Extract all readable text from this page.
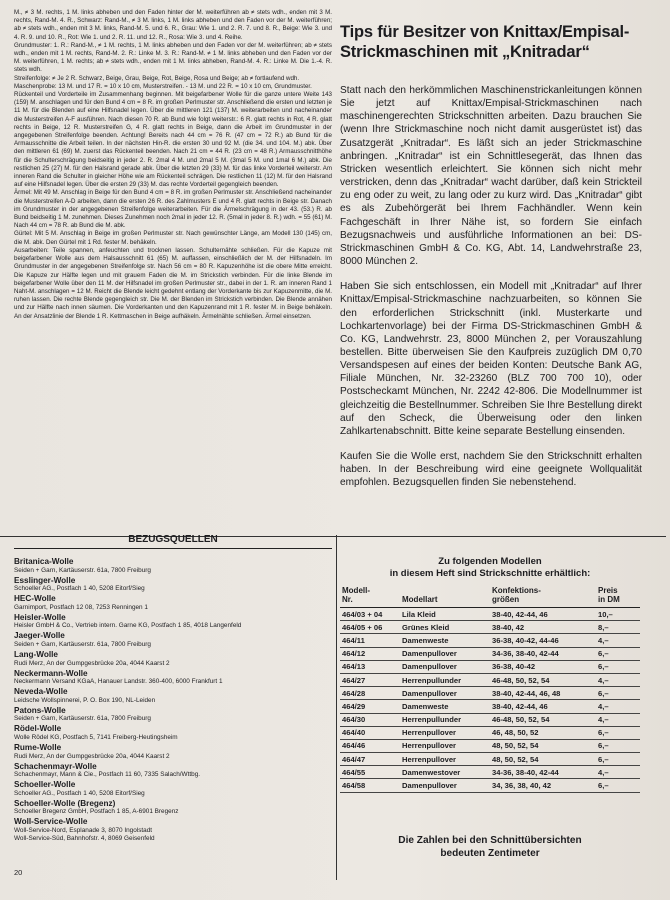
M., ≠ 3 M. rechts, 1 M. links abheben und den Faden hinter der M. weiterführen ab ≠ stets wdh., enden mit 3 M. rechts, Rand-M. 4. R., Schwarz: Rand-M., ≠ 3 M. links, 1 M. links abheben und den Faden vor der M. weiterführen; ab ≠ stets wdh., enden mit 3 M. links, Rand-M. 5. und 6. R., Grau: Wie 1. und 2. R. 7. und 8. R., Beige: Wie 3. und 4. R. 9. und 10. R., Rot: Wie 1. und 2. R. 11. und 12. R., Rosa: Wie 3. und 4. Reihe.

Grundmuster: 1. R.: Rand-M., ≠ 1 M. rechts, 1 M. links abheben und den Faden vor der M. weiterführen; ab ≠ stets wdh., enden mit 1 M. rechts, Rand-M. 2. R.: Linke M. 3. R.: Rand-M. ≠ 1 M. links abheben und den Faden vor der M. weiterführen, 1 M. rechts; ab ≠ stets wdh., enden mit 1 M. links abheben, Rand-M. 4. R.: Linke M. Die 1.-4. R. stets wdh.

Streifenfolge: ≠ Je 2 R. Schwarz, Beige, Grau, Beige, Rot, Beige, Rosa und Beige; ab ≠ fortlaufend wdh.

Maschenprobe: 13 M. und 17 R. = 10 x 10 cm, Musterstreifen. - 13 M. und 22 R. = 10 x 10 cm, Grundmuster.

Rückenteil und Vorderteile im Zusammenhang beginnen. Mit beigefarbener Wolle für die ganze untere Weite 143 (159) M. anschlagen und für den Bund 4 cm = 8 R. im großen Perlmuster str. Anschließend die ersten und letzten je 11 M. für die Blenden auf eine Hilfsnadel legen. Über die mittleren 121 (137) M. weiterarbeiten und nacheinander die Musterstreifen A-F ausführen. Nach diesen 70 R. ab Bund wie folgt weiterstr.: 6 R. glatt rechts in Rot, 4 R. glatt rechts in Beige, 12 R. Musterstreifen G, 4 R. glatt rechts in Beige, dann die Arbeit im Grundmuster in der angegebenen Streifenfolge beenden. Achtung! Bereits nach 44 cm = 76 R. (47 cm = 72 R.) ab Bund für die Armausschnitte die Arbeit teilen. In der nächsten Hin-R. die ersten 30 und 92 M. (die 34. und 104. M.) abk. Über den mittleren 61 (69) M. zuerst das Rückenteil beenden. Nach 21 cm = 44 R. (23 cm = 48 R.) Armausschnitthöhe für die Schulterschrägung beidseitig in jeder 2. R. 2mal 4 M. und 2mal 5 M. (3mal 5 M. und 1mal 6 M.) abk. Die restlichen 25 (27) M. für den Halsrand gerade abk. Über die letzten 29 (33) M. für das linke Vorderteil weiterstr. Am inneren Rand die Schulter in gleicher Höhe wie am Rückenteil schrägen. Die restlichen 11 (12) M. für den Halsrand auf eine Hilfsnadel legen. Über die ersten 29 (33) M. das rechte Vorderteil gegengleich beenden.

Ärmel: Mit 49 M. Anschlag in Beige für den Bund 4 cm = 8 R. im großen Perlmuster str. Anschließend nacheinander die Musterstreifen A-D arbeiten, dann die ersten 26 R. des Zahlmusters E und 4 R. glatt rechts in Beige str. Danach im Grundmuster in der angegebenen Streifenfolge weiterarbeiten. Für die Ärmelschrägung in der 43. (53.) R. ab Bund beidseitig 1 M. zunehmen. Dieses Zunehmen noch 2mal in jeder 12. R. (5mal in jeder 8. R.) wdh. = 55 (61) M. Nach 44 cm = 78 R. ab Bund die M. abk.

Gürtel: Mit 5 M. Anschlag in Beige im großen Perlmuster str. Nach gewünschter Länge, am Modell 130 (145) cm, die M. abk. Den Gürtel mit 1 Rd. fester M. behäkeln.

Ausarbeiten: Teile spannen, anfeuchten und trocknen lassen. Schulternähte schließen. Für die Kapuze mit beigefarbener Wolle aus dem Halsausschnitt 61 (65) M. auffassen, einschließlich der M. der Hilfsnadeln. Im Grundmuster in der angegebenen Streifenfolge str. Nach 56 cm = 80 R. Kapuzenhöhe ist die obere Mitte erreicht. Die Kapuze zur Hälfte legen und mit grauem Faden die M. im Strickstich verbinden. Für die linke Blende im beigefarbener Wolle über den 11 M. der Hilfsnadel im großen Perlmuster str., dabei in der 1. R. am inneren Rand 1 Naht-M. anschlagen = 12 M. Reicht die Blende leicht gedehnt entlang der Vorderkante bis zur Kapuzenmitte, die M. ruhen lassen. Die rechte Blende gegengleich str. Die M. der Blenden im Strickstich verbinden. Die Blende annähen und zur Hälfte nach innen säumen. Die Vorderkanten und den Kapuzenrand mit 1 R. fester M. in Beige behäkeln. An der Ansatzlinie der Blende 1 R. Kettmaschen in Beige aufhäkeln. Ärmelnähte schließen. Ärmel einsetzen.

Tips für Besitzer von Knittax/Empisal-Strickmaschinen mit „Knitradar“

Statt nach den herkömmlichen Maschinenstrickanleitungen können Sie jetzt auf Knittax/Empisal-Strickmaschinen nach maschinengerechten Strickschnitten arbeiten. Dazu brauchen Sie (wenn Ihre Strickmaschine noch nicht damit ausgerüstet ist) das Zusatzgerät „Knitradar“. Es läßt sich an jeder Strickmaschine anbringen. „Knitradar“ ist ein Schnittlesegerät, das Ihnen das Stricken wesentlich erleichtert. Sie können sich nicht mehr verstricken, denn das „Knitradar“ wacht darüber, daß kein Strickteil zu eng oder zu weit, zu lang oder zu kurz wird. Das „Knitradar“ gibt es als Zubehörgerät bei Ihrem Fachhändler. Wenn kein Fachgeschäft in Ihrer Nähe ist, so fordern Sie einfach Bezugsnachweis und ausführliche Informationen an bei: DS-Strickmaschinen GmbH & Co. KG, Abt. 14, Landwehrstraße 23, 8000 München 2.

Haben Sie sich entschlossen, ein Modell mit „Knitradar“ auf Ihrer Knittax/Empisal-Strickmaschine nachzuarbeiten, so können Sie den erforderlichen Strickschnitt (inkl. Musterkarte und Lochkartenvorlage) bei der Firma DS-Strickmaschinen GmbH & Co. KG, Landwehrstr. 23, 8000 München 2, per Vorauszahlung bestellen. Bitte überweisen Sie den Kaufpreis zuzüglich DM 0,70 Versandspesen auf eines der beiden Konten: Deutsche Bank AG, Filiale München, Nr. 32-23260 (BLZ 700 700 10), oder Postscheckamt München, Nr. 2242 42-806. Die Modellnummer ist gleichzeitig die Bestellnummer. Schreiben Sie Ihre Bestellung direkt auf den Scheck, die Überweisung oder den linken Zahlkartenabschnitt. Bitte keine separate Bestellung einsenden.

Kaufen Sie die Wolle erst, nachdem Sie den Strickschnitt erhalten haben. In der Beschreibung wird eine geeignete Wollqualität empfohlen. Bezugsquellen finden Sie nebenstehend.

BEZUGSQUELLEN
Britanica-Wolle
Seiden + Garn, Kartäuserstr. 61a, 7800 Freiburg
Esslinger-Wolle
Schoeller AG., Postfach 1 40, 5208 Eitorf/Sieg
HEC-Wolle
Garnimport, Postfach 12 08, 7253 Renningen 1
Heisler-Wolle
Heisler GmbH & Co., Vertrieb intern. Garne KG, Postfach 1 85, 4018 Langenfeld
Jaeger-Wolle
Seiden + Garn, Kartäuserstr. 61a, 7800 Freiburg
Lang-Wolle
Rudi Merz, An der Gumpgesbrücke 20a, 4044 Kaarst 2
Neckermann-Wolle
Neckermann Versand KGaA, Hanauer Landstr. 360-400, 6000 Frankfurt 1
Neveda-Wolle
Leidsche Wollspinnerei, P. O. Box 190, NL-Leiden
Patons-Wolle
Seiden + Garn, Kartäuserstr. 61a, 7800 Freiburg
Rödel-Wolle
Wolle Rödel KG, Postfach 5, 7141 Freiberg-Heutingsheim
Rume-Wolle
Rudi Merz, An der Gumpgesbrücke 20a, 4044 Kaarst 2
Schachenmayr-Wolle
Schachenmayr, Mann & Cie., Postfach 11 60, 7335 Salach/Wttbg.
Schoeller-Wolle
Schoeller AG., Postfach 1 40, 5208 Eitorf/Sieg
Schoeller-Wolle (Bregenz)
Schoeller Bregenz GmbH, Postfach 1 85, A-6901 Bregenz
Woll-Service-Wolle
Woll-Service-Nord, Esplanade 3, 8070 Ingolstadt
Woll-Service-Süd, Bahnhofstr. 4, 8069 Geisenfeld
20
Zu folgenden Modellen
in diesem Heft sind Strickschnitte erhältlich:
Modell-
Nr.	Modellart	Konfektions-
größen	Preis
in DM
464/03 + 04	Lila Kleid	38-40, 42-44, 46	10,–
464/05 + 06	Grünes Kleid	38-40, 42	8,–
464/11	Damenweste	36-38, 40-42, 44-46	4,–
464/12	Damenpullover	34-36, 38-40, 42-44	6,–
464/13	Damenpullover	36-38, 40-42	6,–
464/27	Herrenpullunder	46-48, 50, 52, 54	4,–
464/28	Damenpullover	38-40, 42-44, 46, 48	6,–
464/29	Damenweste	38-40, 42-44, 46	4,–
464/30	Herrenpullunder	46-48, 50, 52, 54	4,–
464/40	Herrenpullover	46, 48, 50, 52	6,–
464/46	Herrenpullover	48, 50, 52, 54	6,–
464/47	Herrenpullover	48, 50, 52, 54	6,–
464/55	Damenwestover	34-36, 38-40, 42-44	4,–
464/58	Damenpullover	34, 36, 38, 40, 42	6,–
Die Zahlen bei den Schnittübersichten
bedeuten Zentimeter
